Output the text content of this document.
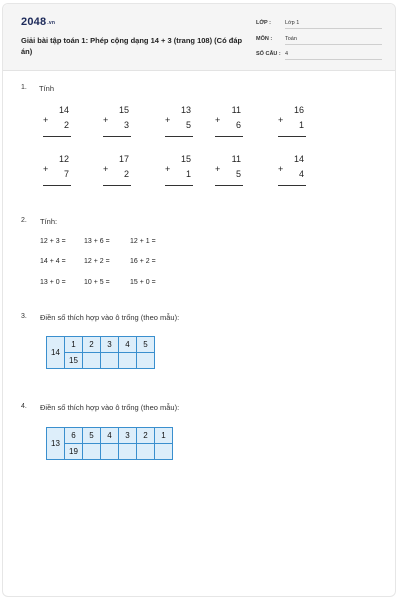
2048.vn
Giải bài tập toán 1: Phép cộng dạng 14 + 3 (trang 108) (Có đáp án)
LỚP :	Lớp 1
MÔN : Toán
SỐ CÂU : 4
1. Tính
14
+ 2
15
+ 3
13
+ 5
11
+ 6
16
+ 1
12
+ 7
17
+ 2
15
+ 1
11
+ 5
14
+ 4
2. Tính:
12 + 3 =	13 + 6 =	12 + 1 =
14 + 4 =	12 + 2 =	16 + 2 =
13 + 0 =	10 + 5 =	15 + 0 =
3. Điền số thích hợp vào ô trống (theo mẫu):
14	1	2	3	4	5
	15				
4. Điền số thích hợp vào ô trống (theo mẫu):
13	6	5	4	3	2	1
	19					
